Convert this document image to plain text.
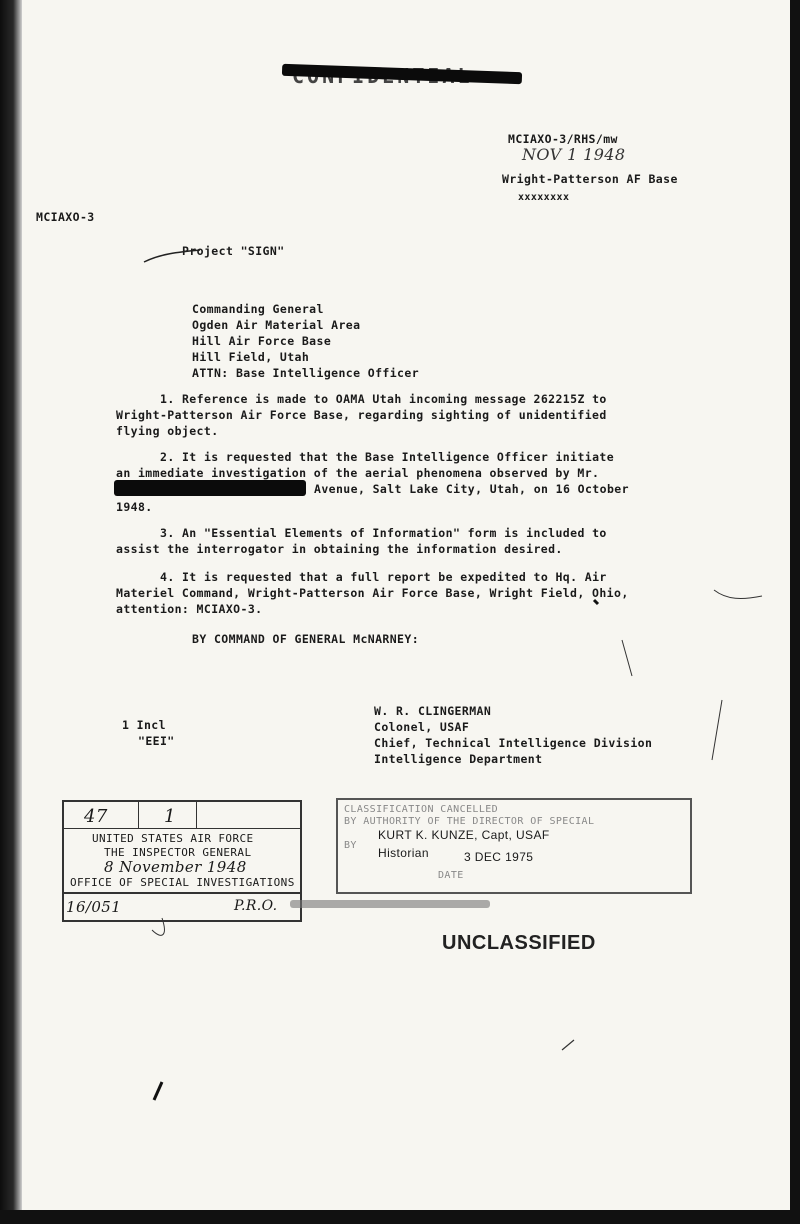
MCIAXO-3/RHS/mw
NOV 1 1948
Wright-Patterson AF Base
xxxxxxxx
MCIAXO-3
Project "SIGN"
Commanding General
Ogden Air Material Area
Hill Air Force Base
Hill Field, Utah
ATTN: Base Intelligence Officer
1. Reference is made to OAMA Utah incoming message 262215Z to
Wright-Patterson Air Force Base, regarding sighting of unidentified
flying object.
2. It is requested that the Base Intelligence Officer initiate
an immediate investigation of the aerial phenomena observed by Mr.
Avenue, Salt Lake City, Utah, on 16 October
1948.
3. An "Essential Elements of Information" form is included to
assist the interrogator in obtaining the information desired.
4. It is requested that a full report be expedited to Hq. Air
Materiel Command, Wright-Patterson Air Force Base, Wright Field, Ohio,
attention: MCIAXO-3.
BY COMMAND OF GENERAL McNARNEY:
1 Incl
"EEI"
W. R. CLINGERMAN
Colonel, USAF
Chief, Technical Intelligence Division
Intelligence Department
47	1
UNITED STATES AIR FORCE
THE INSPECTOR GENERAL
8 November 1948
OFFICE OF SPECIAL INVESTIGATIONS
16/051	P.R.O.
CLASSIFICATION CANCELLED
BY AUTHORITY OF THE DIRECTOR OF SPECIAL
BY
KURT K. KUNZE, Capt, USAF
Historian	3 DEC 1975
DATE
UNCLASSIFIED
